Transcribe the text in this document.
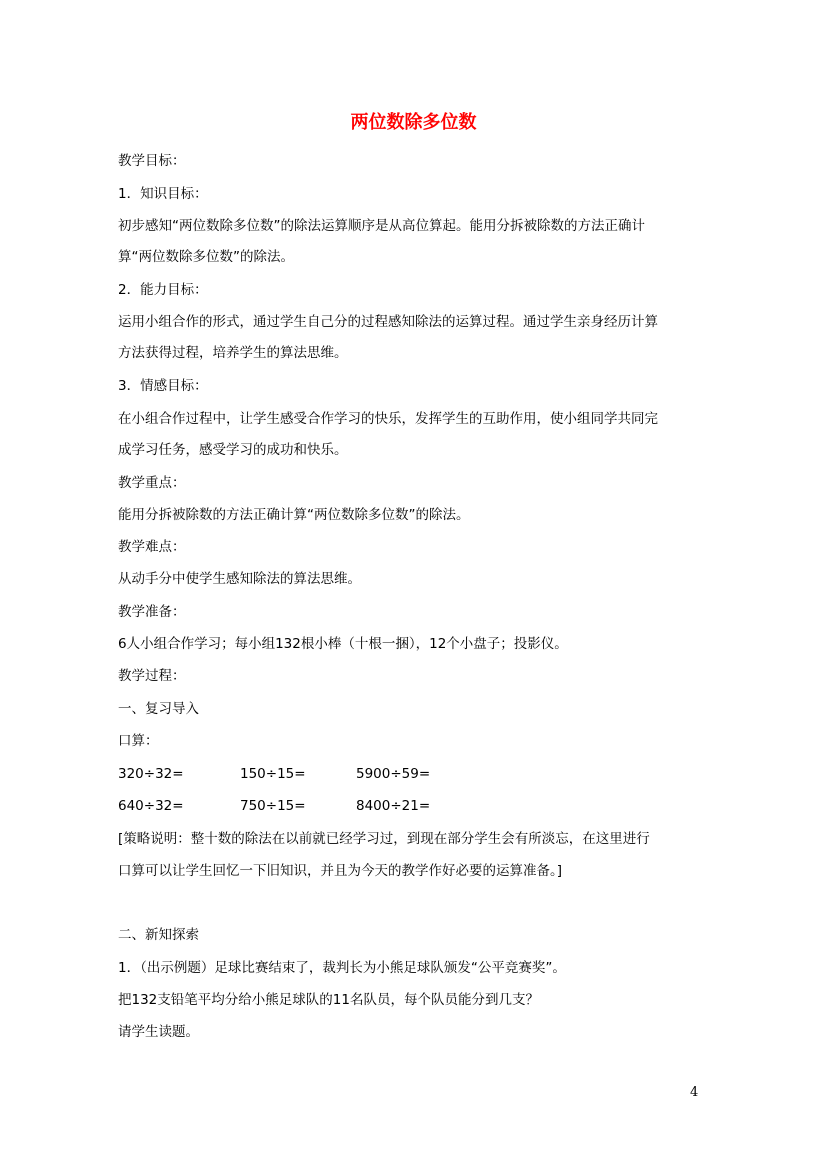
两位数除多位数
教学目标：
1．知识目标：
初步感知“两位数除多位数”的除法运算顺序是从高位算起。能用分拆被除数的方法正确计
算“两位数除多位数”的除法。
2．能力目标：
运用小组合作的形式，通过学生自己分的过程感知除法的运算过程。通过学生亲身经历计算
方法获得过程，培养学生的算法思维。
3．情感目标：
在小组合作过程中，让学生感受合作学习的快乐，发挥学生的互助作用，使小组同学共同完
成学习任务，感受学习的成功和快乐。
教学重点：
能用分拆被除数的方法正确计算“两位数除多位数”的除法。
教学难点：
从动手分中使学生感知除法的算法思维。
教学准备：
6人小组合作学习；每小组132根小棒（十根一捆），12个小盘子；投影仪。
教学过程：
一、复习导入
口算：
320÷32=	150÷15=	5900÷59=
640÷32=	750÷15=	8400÷21=
[策略说明：整十数的除法在以前就已经学习过，到现在部分学生会有所淡忘，在这里进行
口算可以让学生回忆一下旧知识，并且为今天的教学作好必要的运算准备。]
二、新知探索
1．（出示例题）足球比赛结束了，裁判长为小熊足球队颁发“公平竞赛奖”。
把132支铅笔平均分给小熊足球队的11名队员，每个队员能分到几支？
请学生读题。
4
